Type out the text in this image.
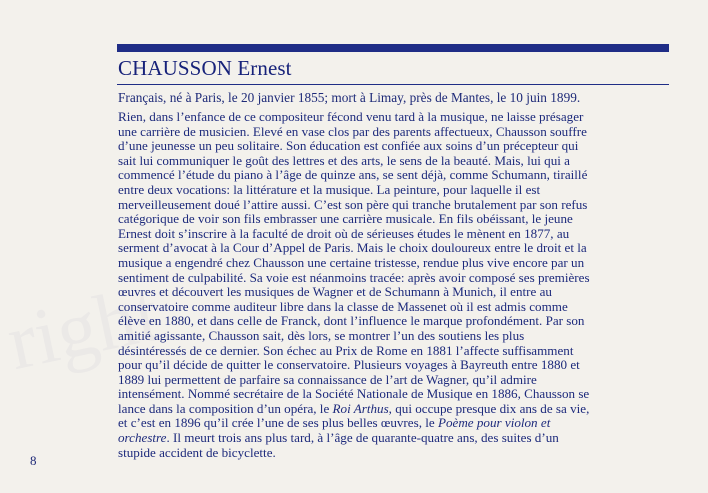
right
CHAUSSON Ernest
Français, né à Paris, le 20 janvier 1855; mort à Limay, près de Mantes, le 10 juin 1899.
Rien, dans l’enfance de ce compositeur fécond venu tard à la musique, ne laisse présager
une carrière de musicien. Elevé en vase clos par des parents affectueux, Chausson souffre
d’une jeunesse un peu solitaire. Son éducation est confiée aux soins d’un précepteur qui
sait lui communiquer le goût des lettres et des arts, le sens de la beauté. Mais, lui qui a
commencé l’étude du piano à l’âge de quinze ans, se sent déjà, comme Schumann, tiraillé
entre deux vocations: la littérature et la musique. La peinture, pour laquelle il est
merveilleusement doué l’attire aussi. C’est son père qui tranche brutalement par son refus
catégorique de voir son fils embrasser une carrière musicale. En fils obéissant, le jeune
Ernest doit s’inscrire à la faculté de droit où de sérieuses études le mènent en 1877, au
serment d’avocat à la Cour d’Appel de Paris. Mais le choix douloureux entre le droit et la
musique a engendré chez Chausson une certaine tristesse, rendue plus vive encore par un
sentiment de culpabilité. Sa voie est néanmoins tracée: après avoir composé ses premières
œuvres et découvert les musiques de Wagner et de Schumann à Munich, il entre au
conservatoire comme auditeur libre dans la classe de Massenet où il est admis comme
élève en 1880, et dans celle de Franck, dont l’influence le marque profondément. Par son
amitié agissante, Chausson sait, dès lors, se montrer l’un des soutiens les plus
désintéressés de ce dernier. Son échec au Prix de Rome en 1881 l’affecte suffisamment
pour qu’il décide de quitter le conservatoire. Plusieurs voyages à Bayreuth entre 1880 et
1889 lui permettent de parfaire sa connaissance de l’art de Wagner, qu’il admire
intensément. Nommé secrétaire de la Société Nationale de Musique en 1886, Chausson se
lance dans la composition d’un opéra, le Roi Arthus, qui occupe presque dix ans de sa vie,
et c’est en 1896 qu’il crée l’une de ses plus belles œuvres, le Poème pour violon et
orchestre. Il meurt trois ans plus tard, à l’âge de quarante-quatre ans, des suites d’un
stupide accident de bicyclette.
8
